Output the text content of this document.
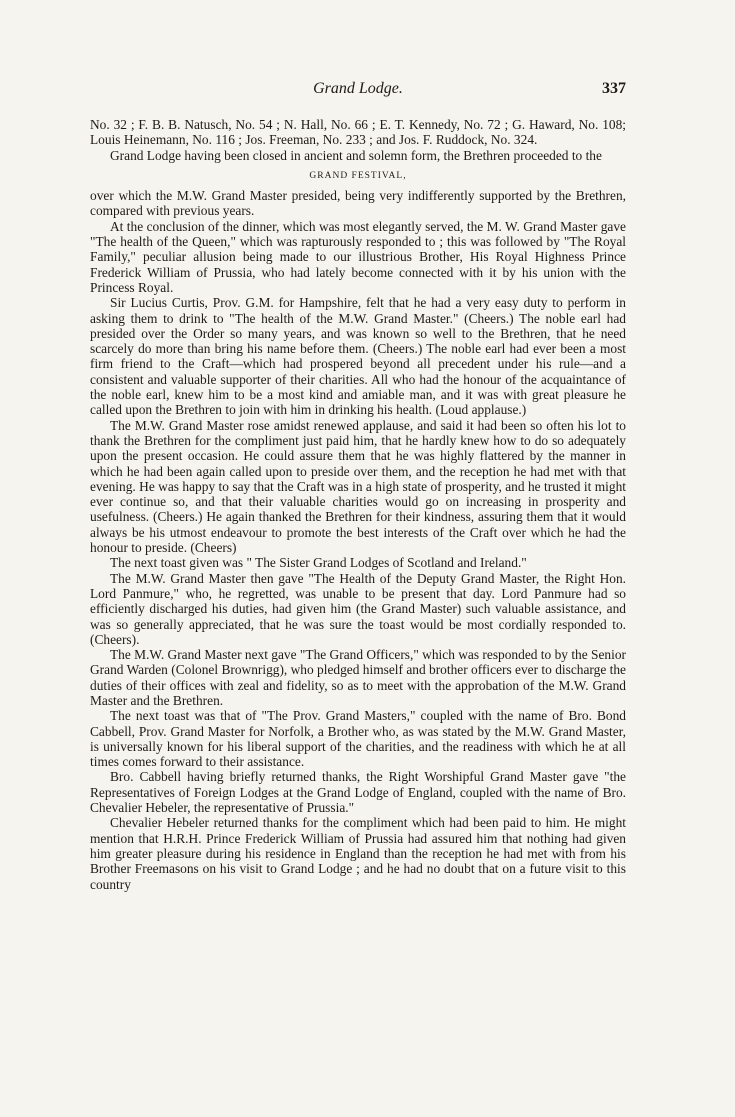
Grand Lodge.	337

No. 32 ; F. B. B. Natusch, No. 54 ; N. Hall, No. 66 ; E. T. Kennedy, No. 72 ; G. Haward, No. 108; Louis Heinemann, No. 116 ; Jos. Freeman, No. 233 ; and Jos. F. Ruddock, No. 324.

Grand Lodge having been closed in ancient and solemn form, the Brethren proceeded to the

GRAND FESTIVAL,

over which the M.W. Grand Master presided, being very indifferently supported by the Brethren, compared with previous years.

At the conclusion of the dinner, which was most elegantly served, the M. W. Grand Master gave "The health of the Queen," which was rapturously responded to ; this was followed by "The Royal Family," peculiar allusion being made to our illustrious Brother, His Royal Highness Prince Frederick William of Prussia, who had lately become connected with it by his union with the Princess Royal.

Sir Lucius Curtis, Prov. G.M. for Hampshire, felt that he had a very easy duty to perform in asking them to drink to "The health of the M.W. Grand Master." (Cheers.) The noble earl had presided over the Order so many years, and was known so well to the Brethren, that he need scarcely do more than bring his name before them. (Cheers.) The noble earl had ever been a most firm friend to the Craft—which had prospered beyond all precedent under his rule—and a consistent and valuable supporter of their charities. All who had the honour of the acquaintance of the noble earl, knew him to be a most kind and amiable man, and it was with great pleasure he called upon the Brethren to join with him in drinking his health. (Loud applause.)

The M.W. Grand Master rose amidst renewed applause, and said it had been so often his lot to thank the Brethren for the compliment just paid him, that he hardly knew how to do so adequately upon the present occasion. He could assure them that he was highly flattered by the manner in which he had been again called upon to preside over them, and the reception he had met with that evening. He was happy to say that the Craft was in a high state of prosperity, and he trusted it might ever continue so, and that their valuable charities would go on increasing in prosperity and usefulness. (Cheers.) He again thanked the Brethren for their kindness, assuring them that it would always be his utmost endeavour to promote the best interests of the Craft over which he had the honour to preside. (Cheers)

The next toast given was " The Sister Grand Lodges of Scotland and Ireland."

The M.W. Grand Master then gave "The Health of the Deputy Grand Master, the Right Hon. Lord Panmure," who, he regretted, was unable to be present that day. Lord Panmure had so efficiently discharged his duties, had given him (the Grand Master) such valuable assistance, and was so generally appreciated, that he was sure the toast would be most cordially responded to. (Cheers).

The M.W. Grand Master next gave "The Grand Officers," which was responded to by the Senior Grand Warden (Colonel Brownrigg), who pledged himself and brother officers ever to discharge the duties of their offices with zeal and fidelity, so as to meet with the approbation of the M.W. Grand Master and the Brethren.

The next toast was that of "The Prov. Grand Masters," coupled with the name of Bro. Bond Cabbell, Prov. Grand Master for Norfolk, a Brother who, as was stated by the M.W. Grand Master, is universally known for his liberal support of the charities, and the readiness with which he at all times comes forward to their assistance.

Bro. Cabbell having briefly returned thanks, the Right Worshipful Grand Master gave "the Representatives of Foreign Lodges at the Grand Lodge of England, coupled with the name of Bro. Chevalier Hebeler, the representative of Prussia."

Chevalier Hebeler returned thanks for the compliment which had been paid to him. He might mention that H.R.H. Prince Frederick William of Prussia had assured him that nothing had given him greater pleasure during his residence in England than the reception he had met with from his Brother Freemasons on his visit to Grand Lodge ; and he had no doubt that on a future visit to this country
